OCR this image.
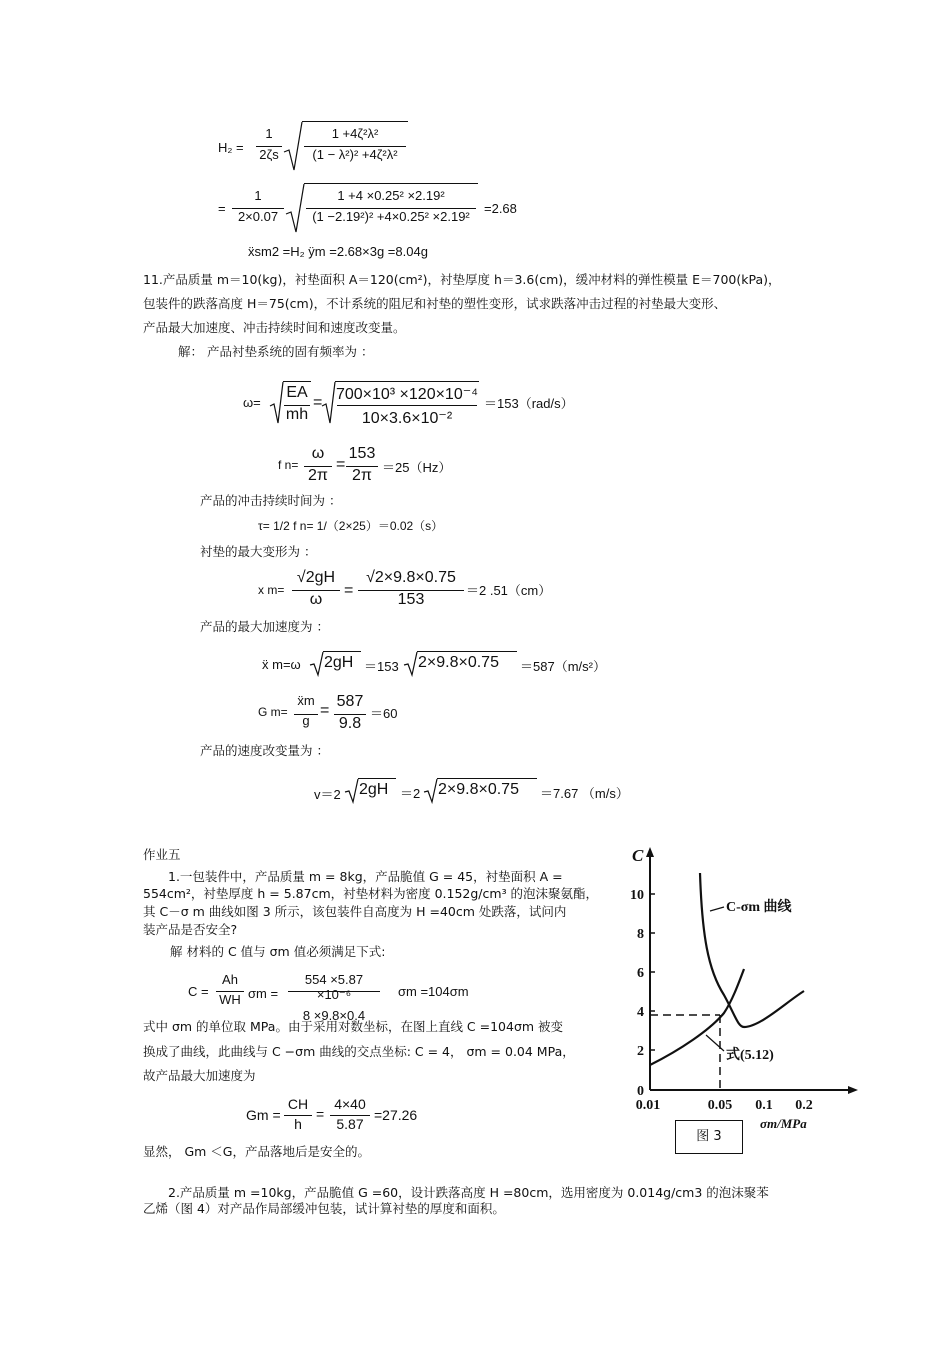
H₂ =
1
2ζs
1 +4ζ²λ²
(1 − λ²)² +4ζ²λ²
=
1
2×0.07
1 +4 ×0.25² ×2.19²
(1 −2.19²)² +4×0.25² ×2.19²
=2.68
ẍsm2 =H₂ ÿm =2.68×3g =8.04g
11.产品质量 m＝10(kg)，衬垫面积 A＝120(cm²)，衬垫厚度 h＝3.6(cm)，缓冲材料的弹性模量 E＝700(kPa)，
包装件的跌落高度 H＝75(cm)，不计系统的阻尼和衬垫的塑性变形，试求跌落冲击过程的衬垫最大变形、
产品最大加速度、冲击持续时间和速度改变量。
解： 产品衬垫系统的固有频率为 ：
ω=
EA
mh
= 700×10³ ×120×10⁻⁴
10×3.6×10⁻²
＝153（rad/s）
f n=
ω
2π
=
153
2π ＝25（Hz）
产品的冲击持续时间为 ：
τ= 1/2 f n= 1/（2×25）＝0.02（s）
衬垫的最大变形为 ：
x m=
√2gH
ω
=
√2×9.8×0.75
153
＝2 .51（cm）
产品的最大加速度为 ：
ẍ m=ω 2gH ＝153 2×9.8×0.75 ＝587（m/s²）
G m=
ẍm
g
=
587
9.8
＝60
产品的速度改变量为 ：
v＝2 2gH ＝2 2×9.8×0.75 ＝7.67 （m/s）
作业五
1.一包装件中，产品质量 m = 8kg，产品脆值 G = 45，衬垫面积 A =
554cm²，衬垫厚度 h = 5.87cm，衬垫材料为密度 0.152g/cm³ 的泡沫聚氨酯，
其 C－σ m 曲线如图 3 所示，该包装件自高度为 H =40cm 处跌落，试问内
装产品是否安全?
解 材料的 C 值与 σm 值必须满足下式:
C =
Ah
WH σm =
554 ×5.87 ×10⁻⁶
8 ×9.8×0.4
σm =104σm
式中 σm 的单位取 MPa。由于采用对数坐标，在图上直线 C =104σm 被变
换成了曲线，此曲线与 C −σm 曲线的交点坐标: C = 4， σm = 0.04 MPa，
故产品最大加速度为
Gm =
CH
h
=
4×40
5.87
=27.26
显然， Gm ＜G，产品落地后是安全的。
2.产品质量 m =10kg，产品脆值 G =60，设计跌落高度 H =80cm，选用密度为 0.014g/cm3 的泡沫聚苯
乙烯（图 4）对产品作局部缓冲包装，试计算衬垫的厚度和面积。
0
2
4
6
8
10
0.01	0.05 0.1 0.2
C
σm/MPa
C-σm 曲线
式(5.12)
图 3
